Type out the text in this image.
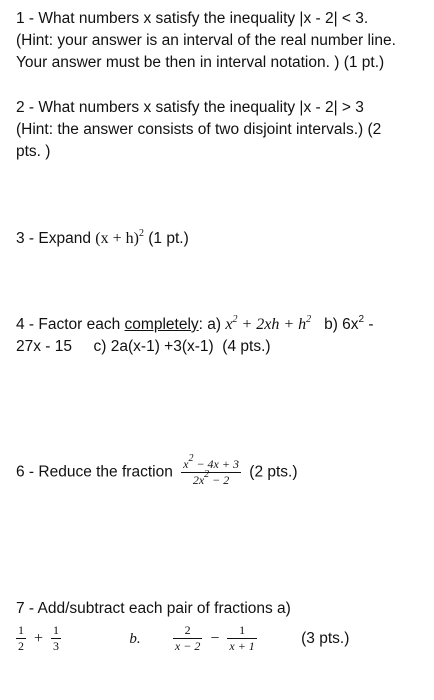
1 - What numbers x satisfy the inequality |x - 2| < 3.
(Hint: your answer is an interval of the real number line.
Your answer must be then in interval notation. ) (1 pt.)
2 - What numbers x satisfy the inequality |x - 2| > 3
(Hint: the answer consists of two disjoint intervals.) (2
pts. )
3 - Expand $(x + h)^2$ (1 pt.)
4 - Factor each completely: a) $x^2 + 2xh + h^2$ b) $6x^2$ -
27x - 15     c) 2a(x-1) +3(x-1)  (4 pts.)
6 - Reduce the fraction $\frac{x^2 - 4x + 3}{2x^2 - 2} (2$ pts.)
7 - Add/subtract each pair of fractions a)
$\frac{1}{2} + \frac{1}{3}$	b.	$\frac{2}{x - 2} - \frac{1}{x + 1}$	(3 pts.)
